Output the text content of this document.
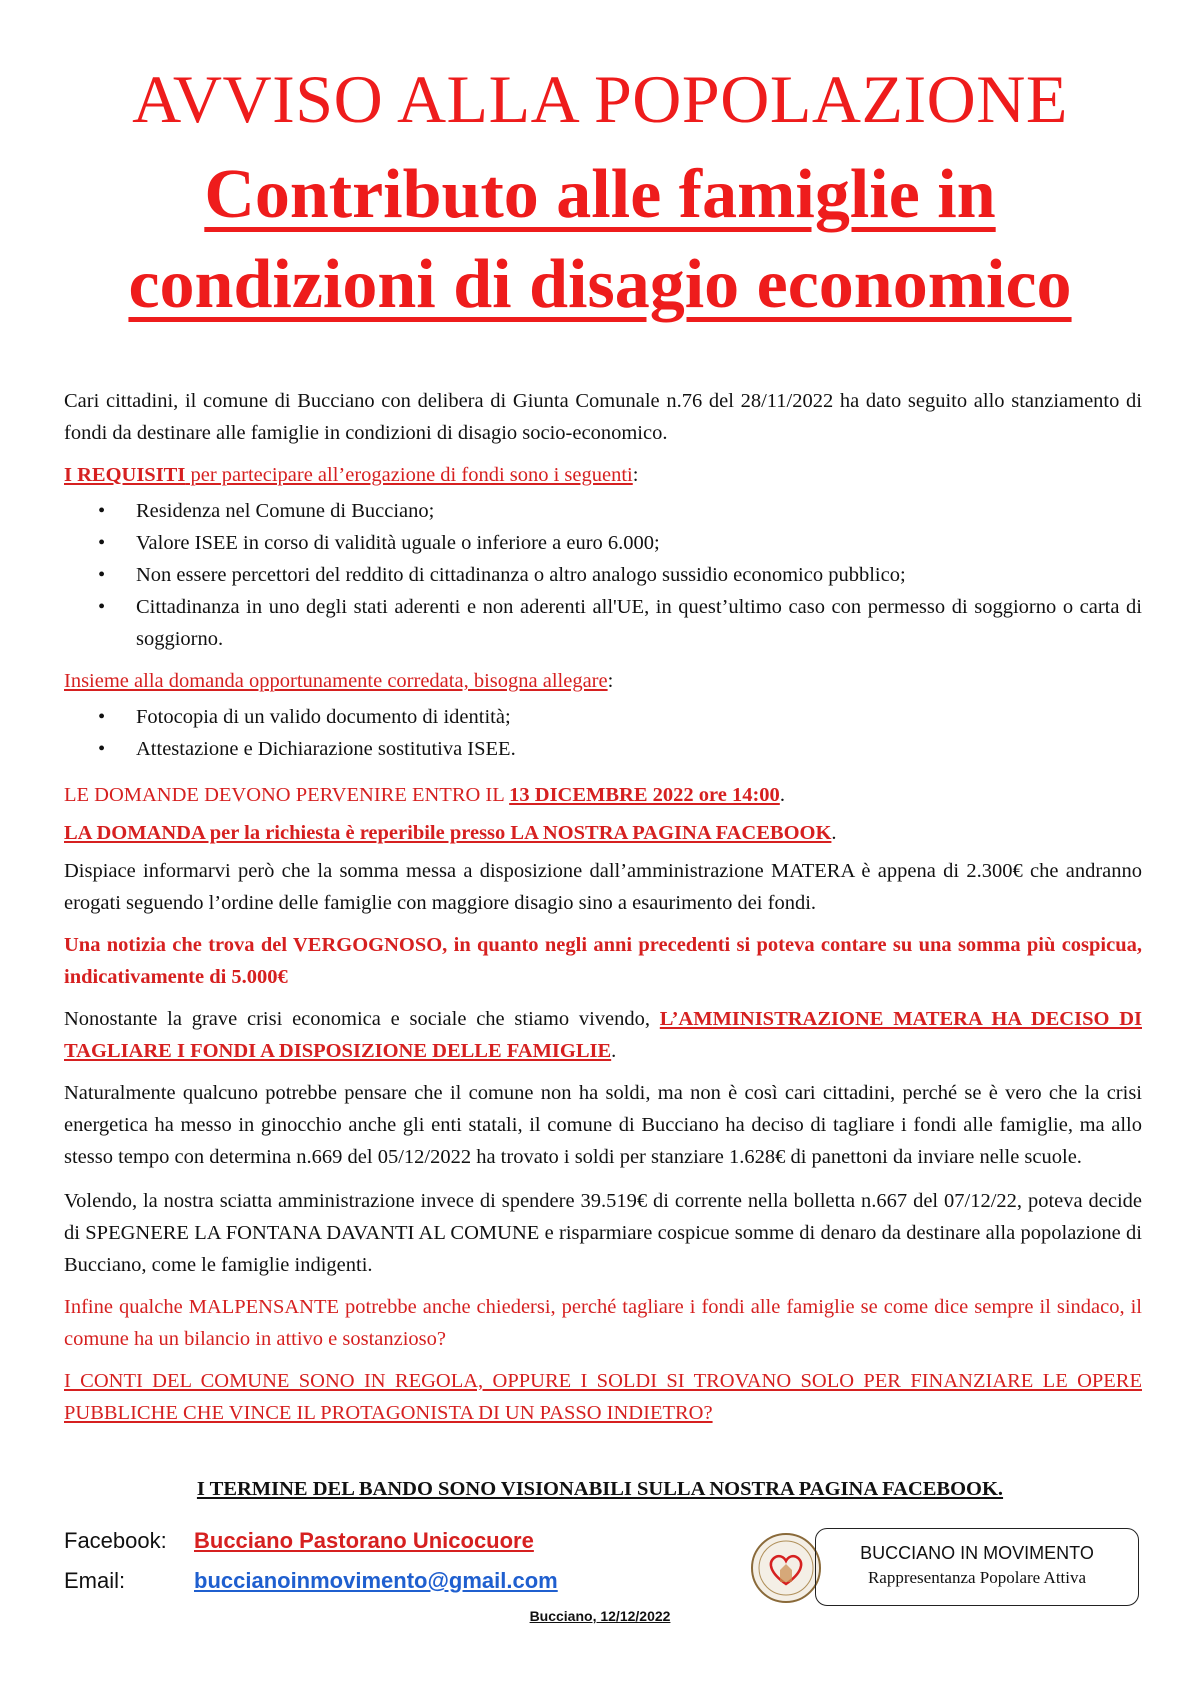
AVVISO ALLA POPOLAZIONE
Contributo alle famiglie in
condizioni di disagio economico

Cari cittadini, il comune di Bucciano con delibera di Giunta Comunale n.76 del 28/11/2022 ha dato seguito allo stanziamento di fondi da destinare alle famiglie in condizioni di disagio socio-economico.

I REQUISITI per partecipare all’erogazione di fondi sono i seguenti:

• Residenza nel Comune di Bucciano;
• Valore ISEE in corso di validità uguale o inferiore a euro 6.000;
• Non essere percettori del reddito di cittadinanza o altro analogo sussidio economico pubblico;
• Cittadinanza in uno degli stati aderenti e non aderenti all'UE, in quest’ultimo caso con permesso di soggiorno o carta di soggiorno.

Insieme alla domanda opportunamente corredata, bisogna allegare:

• Fotocopia di un valido documento di identità;
• Attestazione e Dichiarazione sostitutiva ISEE.

LE DOMANDE DEVONO PERVENIRE ENTRO IL 13 DICEMBRE 2022 ore 14:00.

LA DOMANDA per la richiesta è reperibile presso LA NOSTRA PAGINA FACEBOOK.

Dispiace informarvi però che la somma messa a disposizione dall’amministrazione MATERA è appena di 2.300€ che andranno erogati seguendo l’ordine delle famiglie con maggiore disagio sino a esaurimento dei fondi.

Una notizia che trova del VERGOGNOSO, in quanto negli anni precedenti si poteva contare su una somma più cospicua, indicativamente di 5.000€

Nonostante la grave crisi economica e sociale che stiamo vivendo, L’AMMINISTRAZIONE MATERA HA DECISO DI TAGLIARE I FONDI A DISPOSIZIONE DELLE FAMIGLIE.

Naturalmente qualcuno potrebbe pensare che il comune non ha soldi, ma non è così cari cittadini, perché se è vero che la crisi energetica ha messo in ginocchio anche gli enti statali, il comune di Bucciano ha deciso di tagliare i fondi alle famiglie, ma allo stesso tempo con determina n.669 del 05/12/2022 ha trovato i soldi per stanziare 1.628€ di panettoni da inviare nelle scuole.

Volendo, la nostra sciatta amministrazione invece di spendere 39.519€ di corrente nella bolletta n.667 del 07/12/22, poteva decide di SPEGNERE LA FONTANA DAVANTI AL COMUNE e risparmiare cospicue somme di denaro da destinare alla popolazione di Bucciano, come le famiglie indigenti.

Infine qualche MALPENSANTE potrebbe anche chiedersi, perché tagliare i fondi alle famiglie se come dice sempre il sindaco, il comune ha un bilancio in attivo e sostanzioso?

I CONTI DEL COMUNE SONO IN REGOLA, OPPURE I SOLDI SI TROVANO SOLO PER FINANZIARE LE OPERE PUBBLICHE CHE VINCE IL PROTAGONISTA DI UN PASSO INDIETRO?

I TERMINE DEL BANDO SONO VISIONABILI SULLA NOSTRA PAGINA FACEBOOK.
Facebook: Bucciano Pastorano Unicocuore
Email:	buccianoinmovimento@gmail.com
Bucciano, 12/12/2022
BUCCIANO IN MOVIMENTO
Rappresentanza Popolare Attiva
